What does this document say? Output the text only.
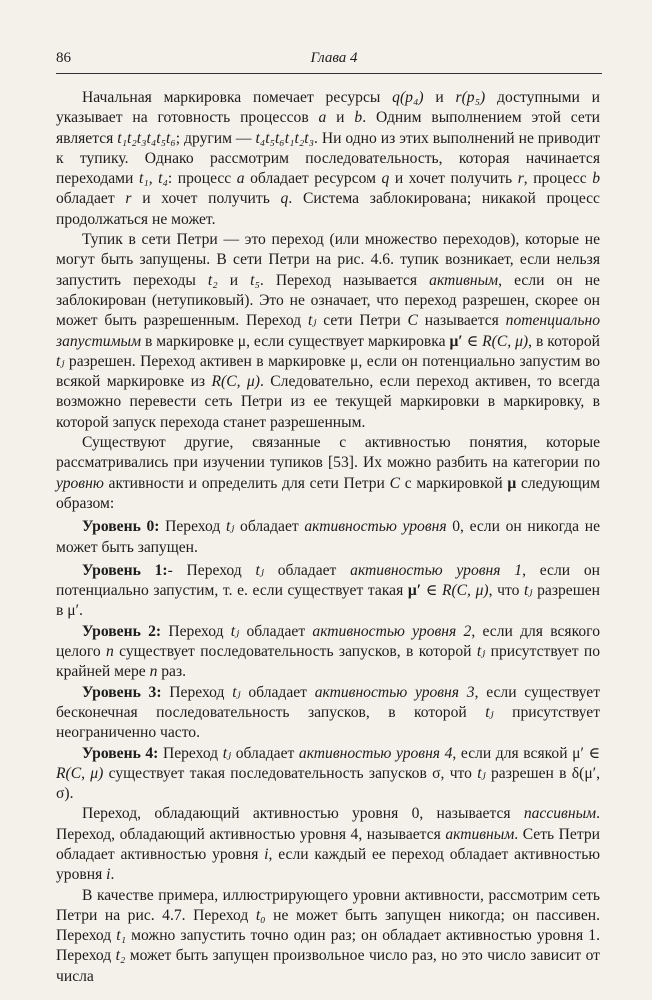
86	Глава 4

Начальная маркировка помечает ресурсы q(p₄) и r(p₅) доступными и указывает на готовность процессов a и b. Одним выполнением этой сети является t₁t₂t₃t₄t₅t₆; другим — t₄t₅t₆t₁t₂t₃. Ни одно из этих выполнений не приводит к тупику. Однако рассмотрим последовательность, которая начинается переходами t₁, t₄: процесс a обладает ресурсом q и хочет получить r, процесс b обладает r и хочет получить q. Система заблокирована; никакой процесс продолжаться не может.

Тупик в сети Петри — это переход (или множество переходов), которые не могут быть запущены. В сети Петри на рис. 4.6. тупик возникает, если нельзя запустить переходы t₂ и t₅. Переход называется активным, если он не заблокирован (нетупиковый). Это не означает, что переход разрешен, скорее он может быть разрешенным. Переход tⱼ сети Петри C называется потенциально запустимым в маркировке μ, если существует маркировка μ′ ∈ R(C, μ), в которой tⱼ разрешен. Переход активен в маркировке μ, если он потенциально запустим во всякой маркировке из R(C, μ). Следовательно, если переход активен, то всегда возможно перевести сеть Петри из ее текущей маркировки в маркировку, в которой запуск перехода станет разрешенным.

Существуют другие, связанные с активностью понятия, которые рассматривались при изучении тупиков [53]. Их можно разбить на категории по уровню активности и определить для сети Петри C с маркировкой μ следующим образом:

Уровень 0: Переход tⱼ обладает активностью уровня 0, если он никогда не может быть запущен.

Уровень 1:- Переход tⱼ обладает активностью уровня 1, если он потенциально запустим, т. е. если существует такая μ′ ∈ R(C, μ), что tⱼ разрешен в μ′.

Уровень 2: Переход tⱼ обладает активностью уровня 2, если для всякого целого n существует последовательность запусков, в которой tⱼ присутствует по крайней мере n раз.

Уровень 3: Переход tⱼ обладает активностью уровня 3, если существует бесконечная последовательность запусков, в которой tⱼ присутствует неограниченно часто.

Уровень 4: Переход tⱼ обладает активностью уровня 4, если для всякой μ′ ∈ R(C, μ) существует такая последовательность запусков σ, что tⱼ разрешен в δ(μ′, σ).

Переход, обладающий активностью уровня 0, называется пассивным. Переход, обладающий активностью уровня 4, называется активным. Сеть Петри обладает активностью уровня i, если каждый ее переход обладает активностью уровня i.

В качестве примера, иллюстрирующего уровни активности, рассмотрим сеть Петри на рис. 4.7. Переход t₀ не может быть запущен никогда; он пассивен. Переход t₁ можно запустить точно один раз; он обладает активностью уровня 1. Переход t₂ может быть запущен произвольное число раз, но это число зависит от числа
